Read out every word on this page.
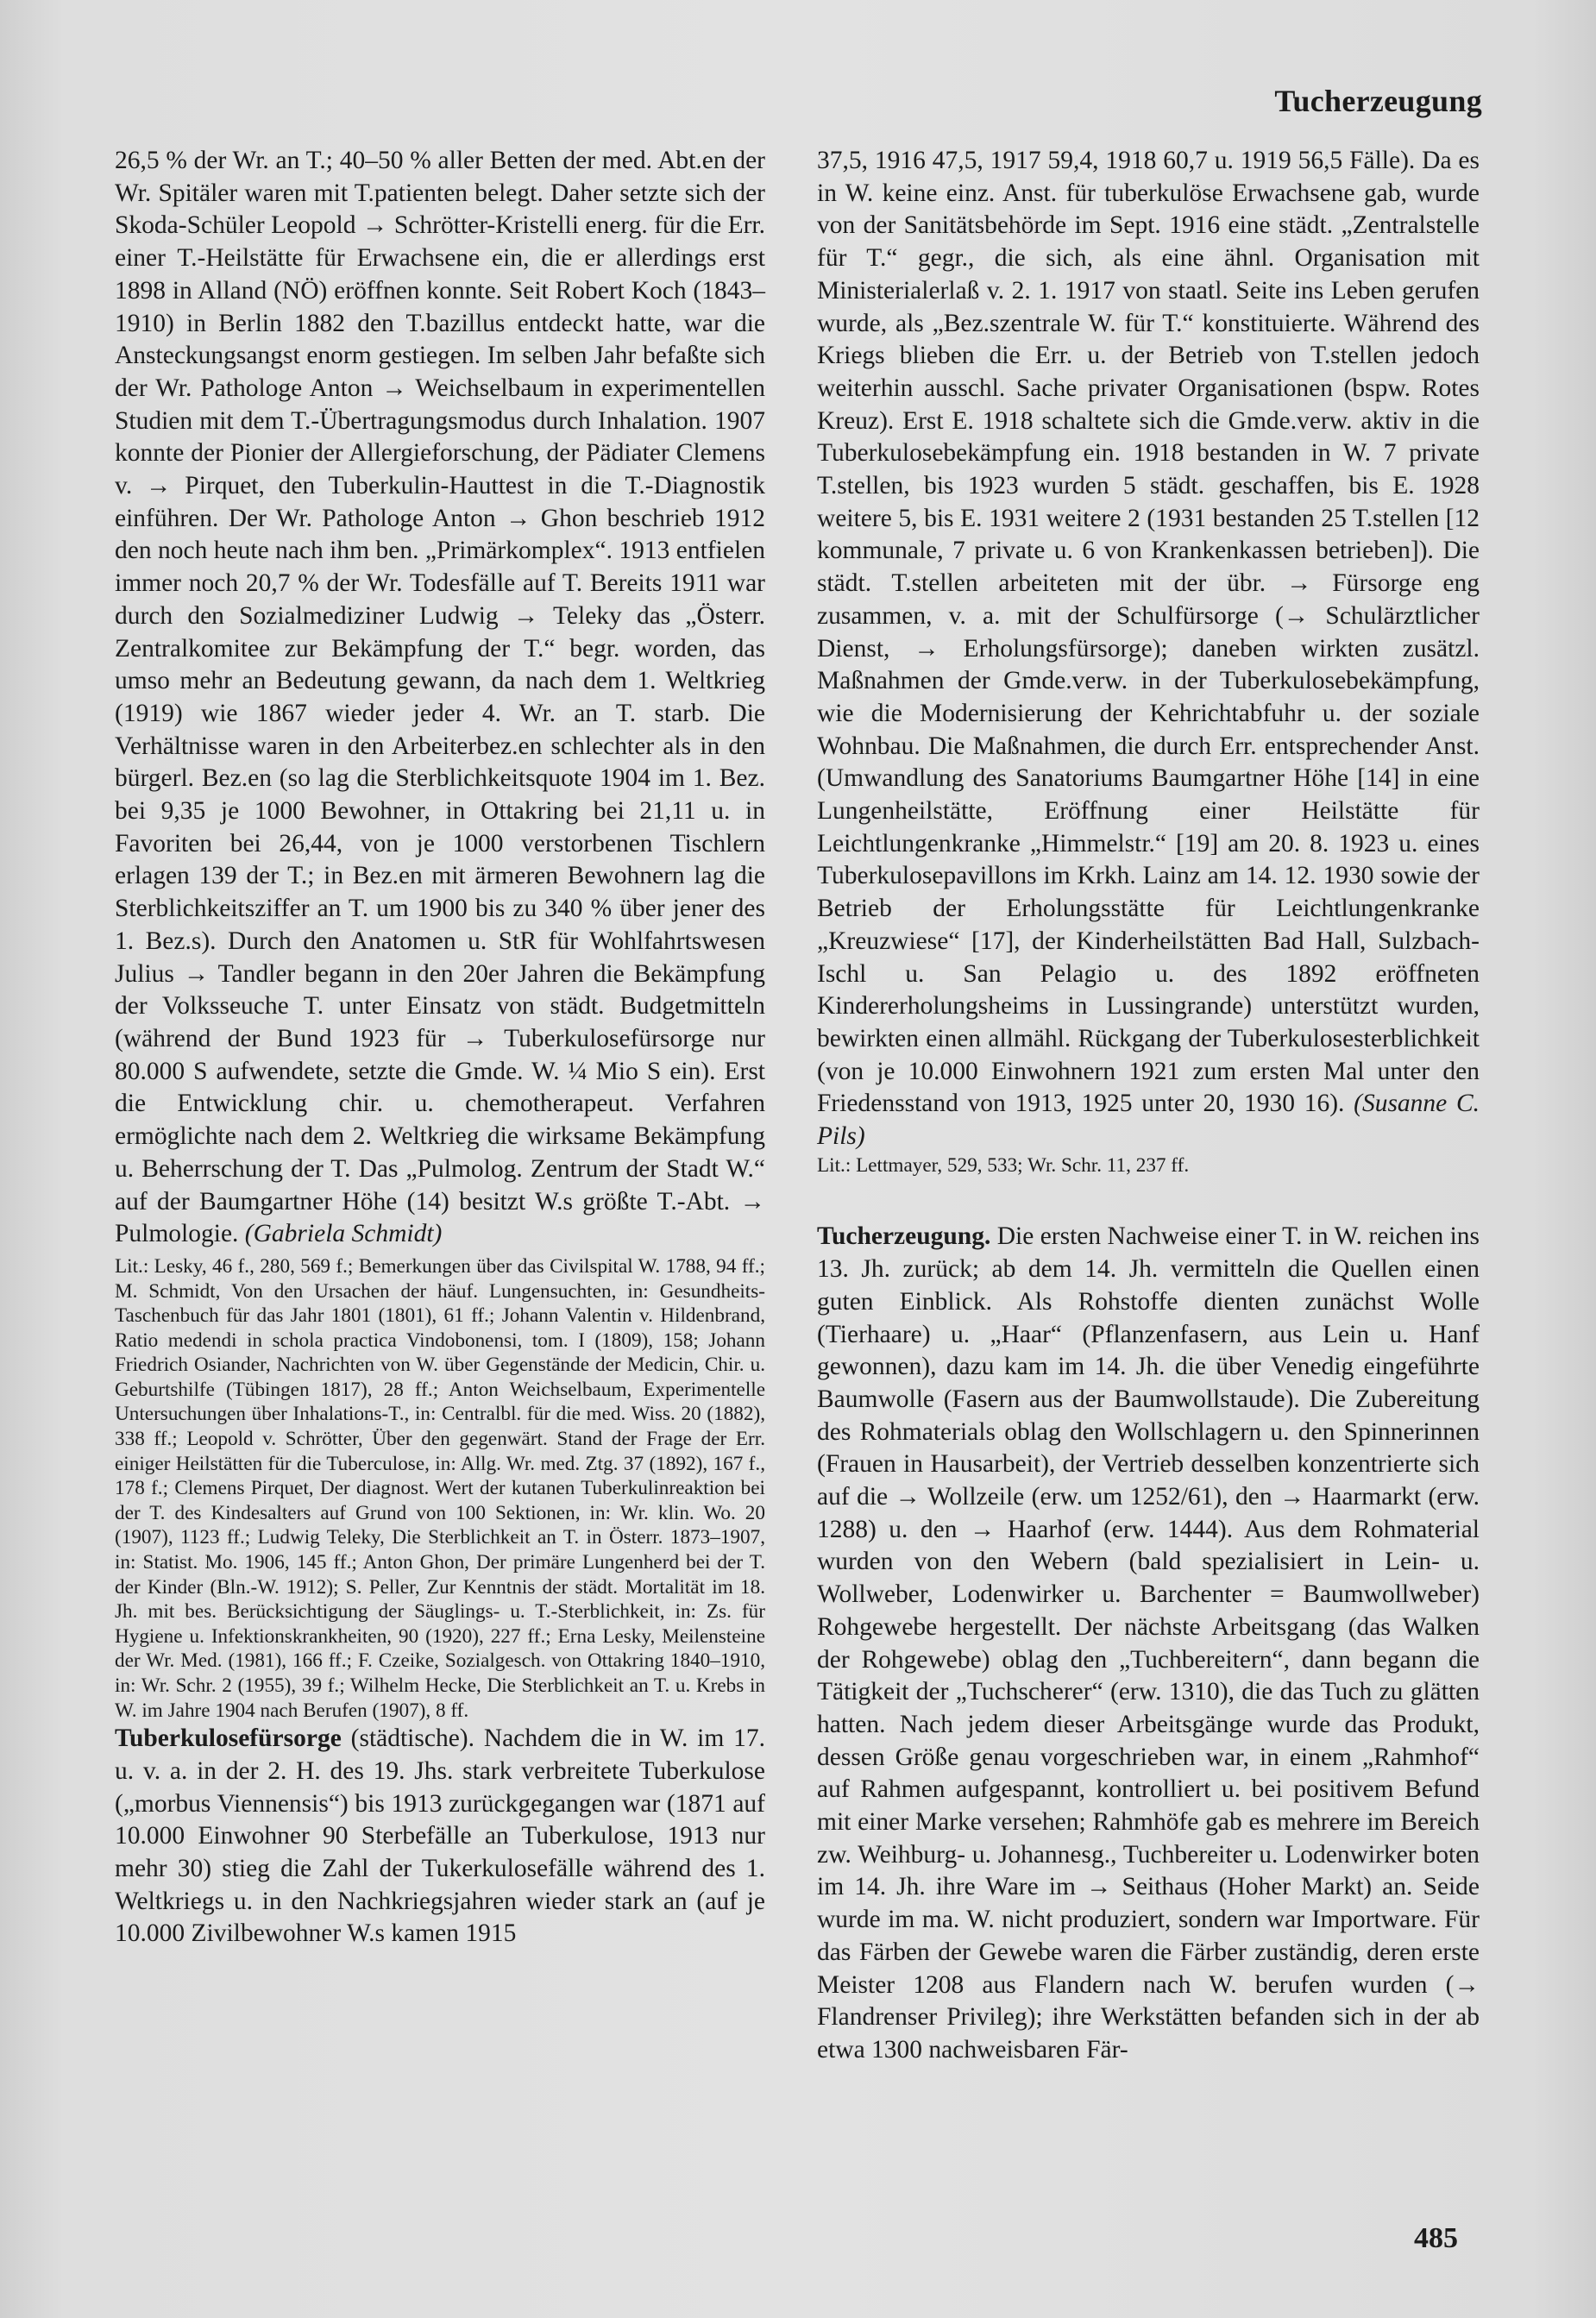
Tucherzeugung

26,5 % der Wr. an T.; 40–50 % aller Betten der med. Abt.en der Wr. Spitäler waren mit T.patienten belegt. Daher setzte sich der Skoda-Schüler Leopold → Schrötter-Kristelli energ. für die Err. einer T.-Heilstätte für Erwachsene ein, die er allerdings erst 1898 in Alland (NÖ) eröffnen konnte. Seit Robert Koch (1843–1910) in Berlin 1882 den T.bazillus entdeckt hatte, war die Ansteckungsangst enorm gestiegen. Im selben Jahr befaßte sich der Wr. Pathologe Anton → Weichselbaum in experimentellen Studien mit dem T.-Übertragungsmodus durch Inhalation. 1907 konnte der Pionier der Allergieforschung, der Pädiater Clemens v. → Pirquet, den Tuberkulin-Hauttest in die T.-Diagnostik einführen. Der Wr. Pathologe Anton → Ghon beschrieb 1912 den noch heute nach ihm ben. „Primärkomplex“. 1913 entfielen immer noch 20,7 % der Wr. Todesfälle auf T. Bereits 1911 war durch den Sozialmediziner Ludwig → Teleky das „Österr. Zentralkomitee zur Bekämpfung der T.“ begr. worden, das umso mehr an Bedeutung gewann, da nach dem 1. Weltkrieg (1919) wie 1867 wieder jeder 4. Wr. an T. starb. Die Verhältnisse waren in den Arbeiterbez.en schlechter als in den bürgerl. Bez.en (so lag die Sterblichkeitsquote 1904 im 1. Bez. bei 9,35 je 1000 Bewohner, in Ottakring bei 21,11 u. in Favoriten bei 26,44, von je 1000 verstorbenen Tischlern erlagen 139 der T.; in Bez.en mit ärmeren Bewohnern lag die Sterblichkeitsziffer an T. um 1900 bis zu 340 % über jener des 1. Bez.s). Durch den Anatomen u. StR für Wohlfahrtswesen Julius → Tandler begann in den 20er Jahren die Bekämpfung der Volksseuche T. unter Einsatz von städt. Budgetmitteln (während der Bund 1923 für → Tuberkulosefürsorge nur 80.000 S aufwendete, setzte die Gmde. W. ¼ Mio S ein). Erst die Entwicklung chir. u. chemotherapeut. Verfahren ermöglichte nach dem 2. Weltkrieg die wirksame Bekämpfung u. Beherrschung der T. Das „Pulmolog. Zentrum der Stadt W.“ auf der Baumgartner Höhe (14) besitzt W.s größte T.-Abt. → Pulmologie. (Gabriela Schmidt)

Lit.: Lesky, 46 f., 280, 569 f.; Bemerkungen über das Civilspital W. 1788, 94 ff.; M. Schmidt, Von den Ursachen der häuf. Lungensuchten, in: Gesundheits-Taschenbuch für das Jahr 1801 (1801), 61 ff.; Johann Valentin v. Hildenbrand, Ratio medendi in schola practica Vindobonensi, tom. I (1809), 158; Johann Friedrich Osiander, Nachrichten von W. über Gegenstände der Medicin, Chir. u. Geburtshilfe (Tübingen 1817), 28 ff.; Anton Weichselbaum, Experimentelle Untersuchungen über Inhalations-T., in: Centralbl. für die med. Wiss. 20 (1882), 338 ff.; Leopold v. Schrötter, Über den gegenwärt. Stand der Frage der Err. einiger Heilstätten für die Tuberculose, in: Allg. Wr. med. Ztg. 37 (1892), 167 f., 178 f.; Clemens Pirquet, Der diagnost. Wert der kutanen Tuberkulinreaktion bei der T. des Kindesalters auf Grund von 100 Sektionen, in: Wr. klin. Wo. 20 (1907), 1123 ff.; Ludwig Teleky, Die Sterblichkeit an T. in Österr. 1873–1907, in: Statist. Mo. 1906, 145 ff.; Anton Ghon, Der primäre Lungenherd bei der T. der Kinder (Bln.-W. 1912); S. Peller, Zur Kenntnis der städt. Mortalität im 18. Jh. mit bes. Berücksichtigung der Säuglings- u. T.-Sterblichkeit, in: Zs. für Hygiene u. Infektionskrankheiten, 90 (1920), 227 ff.; Erna Lesky, Meilensteine der Wr. Med. (1981), 166 ff.; F. Czeike, Sozialgesch. von Ottakring 1840–1910, in: Wr. Schr. 2 (1955), 39 f.; Wilhelm Hecke, Die Sterblichkeit an T. u. Krebs in W. im Jahre 1904 nach Berufen (1907), 8 ff.

Tuberkulosefürsorge (städtische). Nachdem die in W. im 17. u. v. a. in der 2. H. des 19. Jhs. stark verbreitete Tuberkulose („morbus Viennensis“) bis 1913 zurückgegangen war (1871 auf 10.000 Einwohner 90 Sterbefälle an Tuberkulose, 1913 nur mehr 30) stieg die Zahl der Tukerkulosefälle während des 1. Weltkriegs u. in den Nachkriegsjahren wieder stark an (auf je 10.000 Zivilbewohner W.s kamen 1915

37,5, 1916 47,5, 1917 59,4, 1918 60,7 u. 1919 56,5 Fälle). Da es in W. keine einz. Anst. für tuberkulöse Erwachsene gab, wurde von der Sanitätsbehörde im Sept. 1916 eine städt. „Zentralstelle für T.“ gegr., die sich, als eine ähnl. Organisation mit Ministerialerlaß v. 2. 1. 1917 von staatl. Seite ins Leben gerufen wurde, als „Bez.szentrale W. für T.“ konstituierte. Während des Kriegs blieben die Err. u. der Betrieb von T.stellen jedoch weiterhin ausschl. Sache privater Organisationen (bspw. Rotes Kreuz). Erst E. 1918 schaltete sich die Gmde.verw. aktiv in die Tuberkulosebekämpfung ein. 1918 bestanden in W. 7 private T.stellen, bis 1923 wurden 5 städt. geschaffen, bis E. 1928 weitere 5, bis E. 1931 weitere 2 (1931 bestanden 25 T.stellen [12 kommunale, 7 private u. 6 von Krankenkassen betrieben]). Die städt. T.stellen arbeiteten mit der übr. → Fürsorge eng zusammen, v. a. mit der Schulfürsorge (→ Schulärztlicher Dienst, → Erholungsfürsorge); daneben wirkten zusätzl. Maßnahmen der Gmde.verw. in der Tuberkulosebekämpfung, wie die Modernisierung der Kehrichtabfuhr u. der soziale Wohnbau. Die Maßnahmen, die durch Err. entsprechender Anst. (Umwandlung des Sanatoriums Baumgartner Höhe [14] in eine Lungenheilstätte, Eröffnung einer Heilstätte für Leichtlungenkranke „Himmelstr.“ [19] am 20. 8. 1923 u. eines Tuberkulosepavillons im Krkh. Lainz am 14. 12. 1930 sowie der Betrieb der Erholungsstätte für Leichtlungenkranke „Kreuzwiese“ [17], der Kinderheilstätten Bad Hall, Sulzbach-Ischl u. San Pelagio u. des 1892 eröffneten Kindererholungsheims in Lussingrande) unterstützt wurden, bewirkten einen allmähl. Rückgang der Tuberkulosesterblichkeit (von je 10.000 Einwohnern 1921 zum ersten Mal unter den Friedensstand von 1913, 1925 unter 20, 1930 16). (Susanne C. Pils)

Lit.: Lettmayer, 529, 533; Wr. Schr. 11, 237 ff.

Tucherzeugung. Die ersten Nachweise einer T. in W. reichen ins 13. Jh. zurück; ab dem 14. Jh. vermitteln die Quellen einen guten Einblick. Als Rohstoffe dienten zunächst Wolle (Tierhaare) u. „Haar“ (Pflanzenfasern, aus Lein u. Hanf gewonnen), dazu kam im 14. Jh. die über Venedig eingeführte Baumwolle (Fasern aus der Baumwollstaude). Die Zubereitung des Rohmaterials oblag den Wollschlagern u. den Spinnerinnen (Frauen in Hausarbeit), der Vertrieb desselben konzentrierte sich auf die → Wollzeile (erw. um 1252/61), den → Haarmarkt (erw. 1288) u. den → Haarhof (erw. 1444). Aus dem Rohmaterial wurden von den Webern (bald spezialisiert in Lein- u. Wollweber, Lodenwirker u. Barchenter = Baumwollweber) Rohgewebe hergestellt. Der nächste Arbeitsgang (das Walken der Rohgewebe) oblag den „Tuchbereitern“, dann begann die Tätigkeit der „Tuchscherer“ (erw. 1310), die das Tuch zu glätten hatten. Nach jedem dieser Arbeitsgänge wurde das Produkt, dessen Größe genau vorgeschrieben war, in einem „Rahmhof“ auf Rahmen aufgespannt, kontrolliert u. bei positivem Befund mit einer Marke versehen; Rahmhöfe gab es mehrere im Bereich zw. Weihburg- u. Johannesg., Tuchbereiter u. Lodenwirker boten im 14. Jh. ihre Ware im → Seithaus (Hoher Markt) an. Seide wurde im ma. W. nicht produziert, sondern war Importware. Für das Färben der Gewebe waren die Färber zuständig, deren erste Meister 1208 aus Flandern nach W. berufen wurden (→ Flandrenser Privileg); ihre Werkstätten befanden sich in der ab etwa 1300 nachweisbaren Fär-

485
